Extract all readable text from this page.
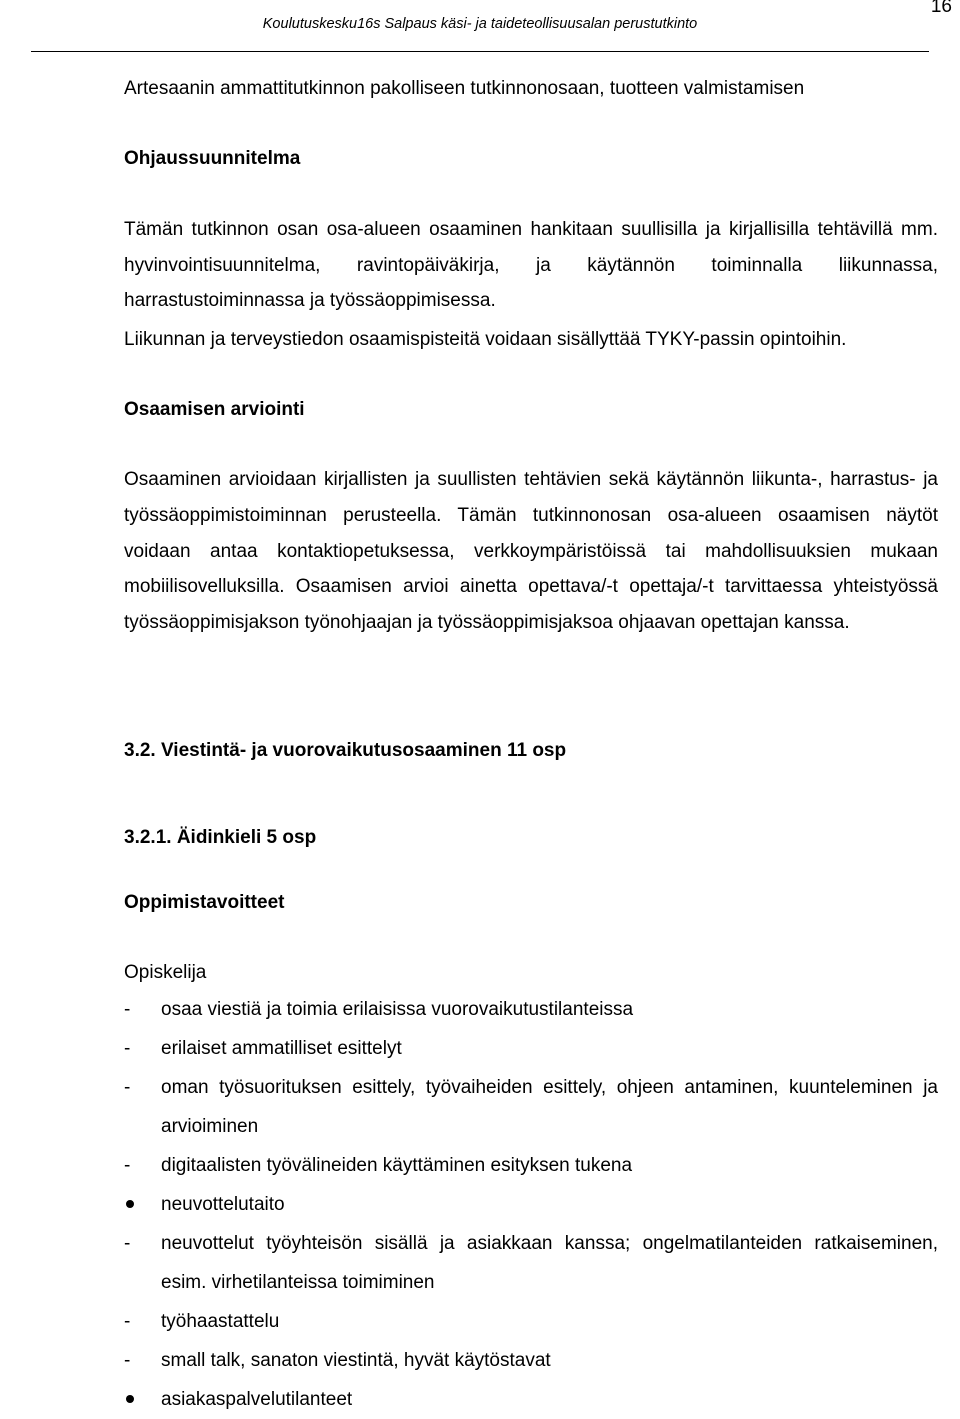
16
Koulutuskesku16s Salpaus käsi- ja taideteollisuusalan perustutkinto

Artesaanin ammattitutkinnon pakolliseen tutkinnonosaan, tuotteen valmistamisen

Ohjaussuunnitelma

Tämän tutkinnon osan osa-alueen osaaminen hankitaan suullisilla ja kirjallisilla tehtävillä mm. hyvinvointisuunnitelma, ravintopäiväkirja, ja käytännön toiminnalla liikunnassa, harrastustoiminnassa ja työssäoppimisessa.

Liikunnan ja terveystiedon osaamispisteitä voidaan sisällyttää TYKY-passin opintoihin.

Osaamisen arviointi

Osaaminen arvioidaan kirjallisten ja suullisten tehtävien sekä käytännön liikunta-, harrastus- ja työssäoppimistoiminnan perusteella. Tämän tutkinnonosan osa-alueen osaamisen näytöt voidaan antaa kontaktiopetuksessa, verkkoympäristöissä tai mahdollisuuksien mukaan mobiilisovelluksilla. Osaamisen arvioi ainetta opettava/-t opettaja/-t tarvittaessa yhteistyössä työssäoppimisjakson työnohjaajan ja työssäoppimisjaksoa ohjaavan opettajan kanssa.

3.2. Viestintä- ja vuorovaikutusosaaminen 11 osp

3.2.1. Äidinkieli 5 osp

Oppimistavoitteet

Opiskelija

-	osaa viestiä ja toimia erilaisissa vuorovaikutustilanteissa
-	erilaiset ammatilliset esittelyt
-	oman työsuorituksen esittely, työvaiheiden esittely, ohjeen antaminen, kuunteleminen ja arvioiminen
-	digitaalisten työvälineiden käyttäminen esityksen tukena
neuvottelutaito
-	neuvottelut työyhteisön sisällä ja asiakkaan kanssa; ongelmatilanteiden ratkaiseminen, esim. virhetilanteissa toimiminen
-	työhaastattelu
-	small talk, sanaton viestintä, hyvät käytöstavat
asiakaspalvelutilanteet
